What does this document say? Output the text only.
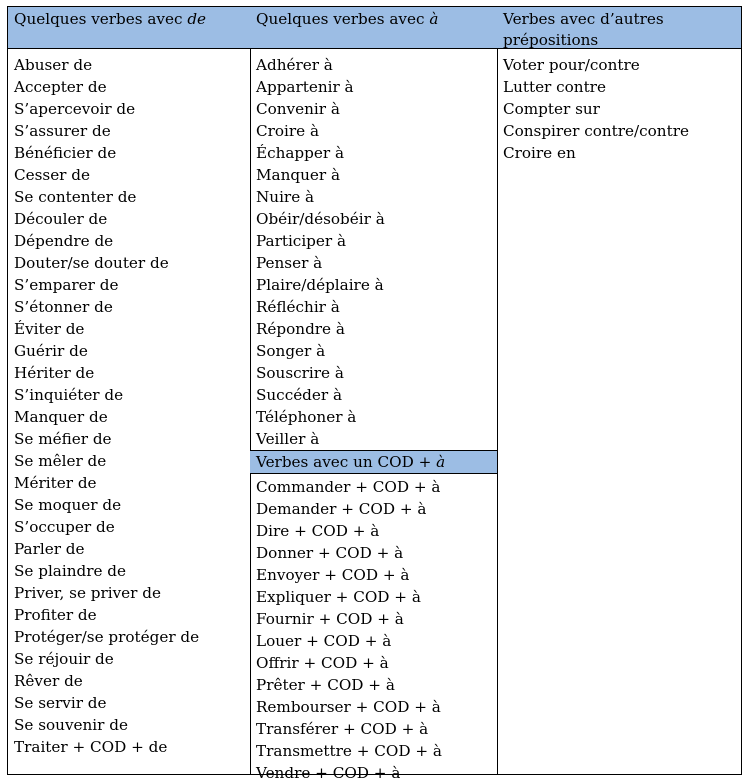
Quelques verbes avec de
Abuser de
Accepter de
S’apercevoir de
S’assurer de
Bénéficier de
Cesser de
Se contenter de
Découler de
Dépendre de
Douter/se douter de
S’emparer de
S’étonner de
Éviter de
Guérir de
Hériter de
S’inquiéter de
Manquer de
Se méfier de
Se mêler de
Mériter de
Se moquer de
S’occuper de
Parler de
Se plaindre de
Priver, se priver de
Profiter de
Protéger/se protéger de
Se réjouir de
Rêver de
Se servir de
Se souvenir de
Traiter + COD + de
Quelques verbes avec à
Adhérer à
Appartenir à
Convenir à
Croire à
Échapper à
Manquer à
Nuire à
Obéir/désobéir à
Participer à
Penser à
Plaire/déplaire à
Réfléchir à
Répondre à
Songer à
Souscrire à
Succéder à
Téléphoner à
Veiller à
Verbes avec un COD + à
Commander + COD + à
Demander + COD + à
Dire + COD + à
Donner + COD + à
Envoyer + COD + à
Expliquer + COD + à
Fournir + COD + à
Louer + COD + à
Offrir + COD + à
Prêter + COD + à
Rembourser + COD + à
Transférer + COD + à
Transmettre + COD + à
Vendre + COD + à
Verbes avec d’autres
prépositions
Voter pour/contre
Lutter contre
Compter sur
Conspirer contre/contre
Croire en
